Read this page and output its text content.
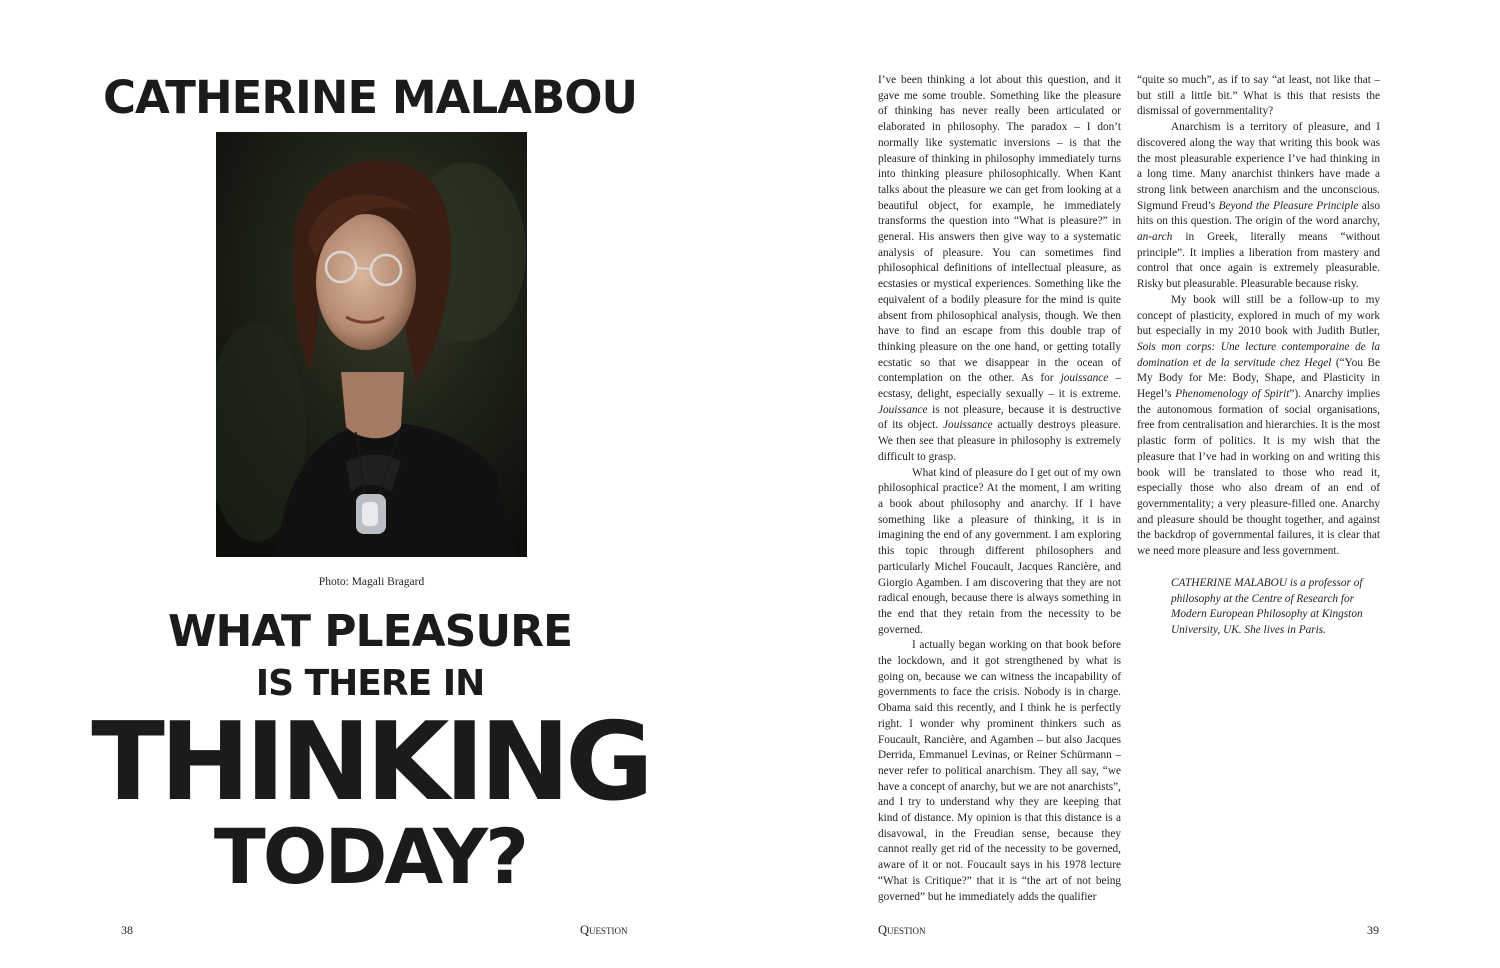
CATHERINE MALABOU
Photo: Magali Bragard
WHAT PLEASURE
IS THERE IN
THINKING
TODAY?
38	Question

I’ve been thinking a lot about this question, and it gave me some trouble. Something like the pleasure of thinking has never really been articulated or elaborated in philosophy. The paradox – I don’t normally like systematic inversions – is that the pleasure of thinking in philosophy immediately turns into thinking pleasure philosophically. When Kant talks about the pleasure we can get from looking at a beautiful object, for example, he immediately transforms the question into “What is pleasure?” in general. His answers then give way to a systematic analysis of pleasure. You can sometimes find philosophical definitions of intellectual pleasure, as ecstasies or mystical experiences. Something like the equivalent of a bodily pleasure for the mind is quite absent from philosophical analysis, though. We then have to find an escape from this double trap of thinking pleasure on the one hand, or getting totally ecstatic so that we disappear in the ocean of contemplation on the other. As for jouissance – ecstasy, delight, especially sexually – it is extreme. Jouissance is not pleasure, because it is destructive of its object. Jouissance actually destroys pleasure. We then see that pleasure in philosophy is extremely difficult to grasp.

What kind of pleasure do I get out of my own philosophical practice? At the moment, I am writing a book about philosophy and anarchy. If I have something like a pleasure of thinking, it is in imagining the end of any government. I am exploring this topic through different philosophers and particularly Michel Foucault, Jacques Rancière, and Giorgio Agamben. I am discovering that they are not radical enough, because there is always something in the end that they retain from the necessity to be governed.

I actually began working on that book before the lockdown, and it got strengthened by what is going on, because we can witness the incapability of governments to face the crisis. Nobody is in charge. Obama said this recently, and I think he is perfectly right. I wonder why prominent thinkers such as Foucault, Rancière, and Agamben – but also Jacques Derrida, Emmanuel Levinas, or Reiner Schürmann – never refer to political anarchism. They all say, “we have a concept of anarchy, but we are not anarchists”, and I try to understand why they are keeping that kind of distance. My opinion is that this distance is a disavowal, in the Freudian sense, because they cannot really get rid of the necessity to be governed, aware of it or not. Foucault says in his 1978 lecture “What is Critique?” that it is “the art of not being governed” but he immediately adds the qualifier

“quite so much”, as if to say “at least, not like that – but still a little bit.” What is this that resists the dismissal of governmentality?

Anarchism is a territory of pleasure, and I discovered along the way that writing this book was the most pleasurable experience I’ve had thinking in a long time. Many anarchist thinkers have made a strong link between anarchism and the unconscious. Sigmund Freud’s Beyond the Pleasure Principle also hits on this question. The origin of the word anarchy, an-arch in Greek, literally means “without principle”. It implies a liberation from mastery and control that once again is extremely pleasurable. Risky but pleasurable. Pleasurable because risky.

My book will still be a follow-up to my concept of plasticity, explored in much of my work but especially in my 2010 book with Judith Butler, Sois mon corps: Une lecture contemporaine de la domination et de la servitude chez Hegel (“You Be My Body for Me: Body, Shape, and Plasticity in Hegel’s Phenomenology of Spirit”). Anarchy implies the autonomous formation of social organisations, free from centralisation and hierarchies. It is the most plastic form of politics. It is my wish that the pleasure that I’ve had in working on and writing this book will be translated to those who read it, especially those who also dream of an end of governmentality; a very pleasure-filled one. Anarchy and pleasure should be thought together, and against the backdrop of governmental failures, it is clear that we need more pleasure and less government.

CATHERINE MALABOU is a professor of philosophy at the Centre of Research for Modern European Philosophy at Kingston University, UK. She lives in Paris.

Question	39
